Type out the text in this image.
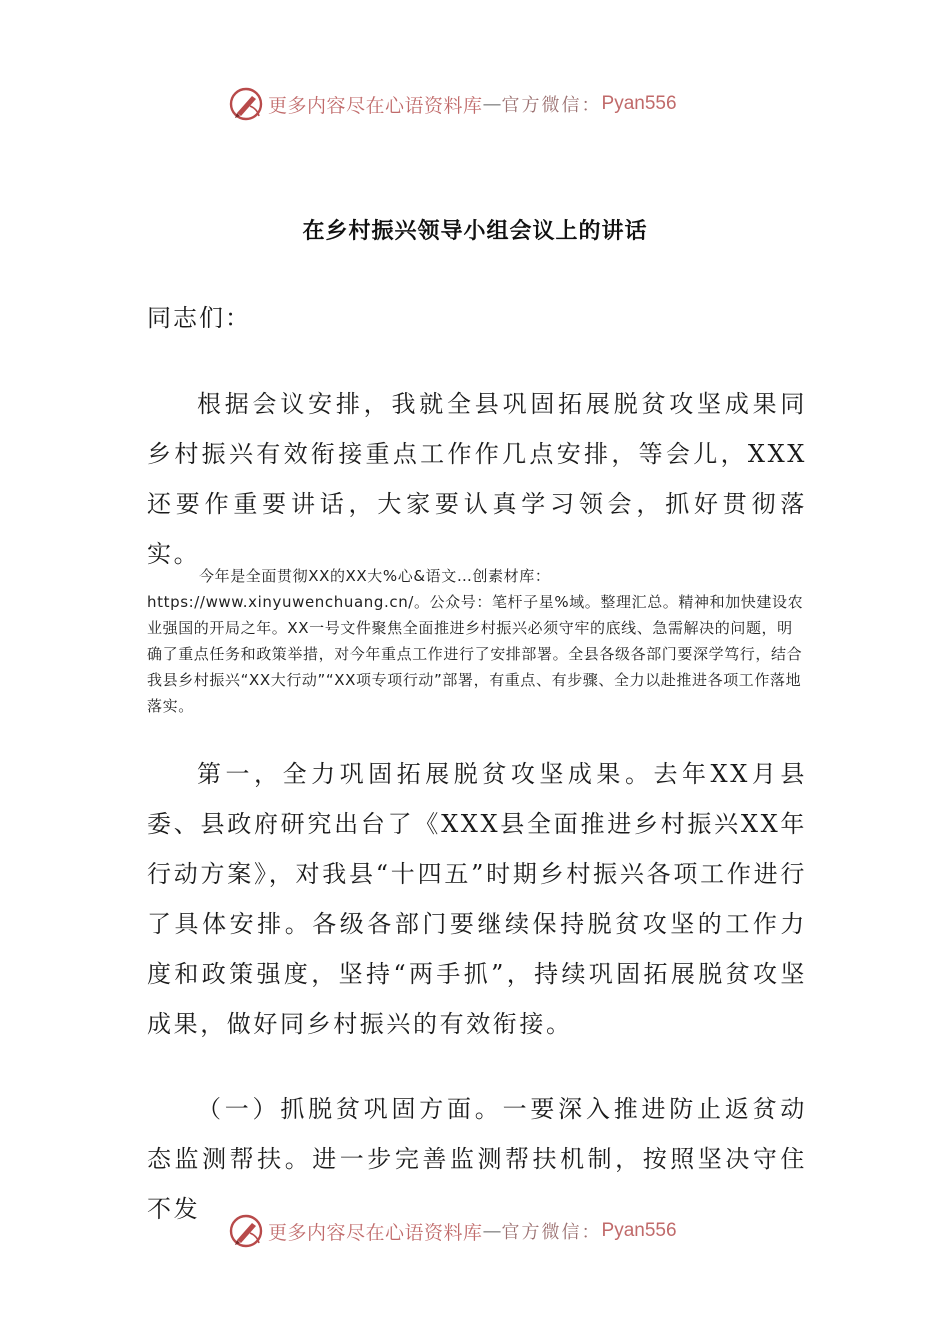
更多内容尽在心语资料库 — 官方微信： Pyan556
在乡村振兴领导小组会议上的讲话
同志们：

根据会议安排，我就全县巩固拓展脱贫攻坚成果同乡村振兴有效衔接重点工作作几点安排，等会儿，XXX还要作重要讲话，大家要认真学习领会，抓好贯彻落实。

今年是全面贯彻XX的XX大%心&语文…创素材库：https://www.xinyuwenchuang.cn/。公众号：笔杆子星%域。整理汇总。精神和加快建设农业强国的开局之年。XX一号文件聚焦全面推进乡村振兴必须守牢的底线、急需解决的问题，明确了重点任务和政策举措，对今年重点工作进行了安排部署。全县各级各部门要深学笃行，结合我县乡村振兴“XX大行动”“XX项专项行动”部署，有重点、有步骤、全力以赴推进各项工作落地落实。

第一，全力巩固拓展脱贫攻坚成果。去年XX月县委、县政府研究出台了《XXX县全面推进乡村振兴XX年行动方案》，对我县“十四五”时期乡村振兴各项工作进行了具体安排。各级各部门要继续保持脱贫攻坚的工作力度和政策强度，坚持“两手抓”，持续巩固拓展脱贫攻坚成果，做好同乡村振兴的有效衔接。

（一）抓脱贫巩固方面。一要深入推进防止返贫动态监测帮扶。进一步完善监测帮扶机制，按照坚决守住不发

更多内容尽在心语资料库 — 官方微信： Pyan556
